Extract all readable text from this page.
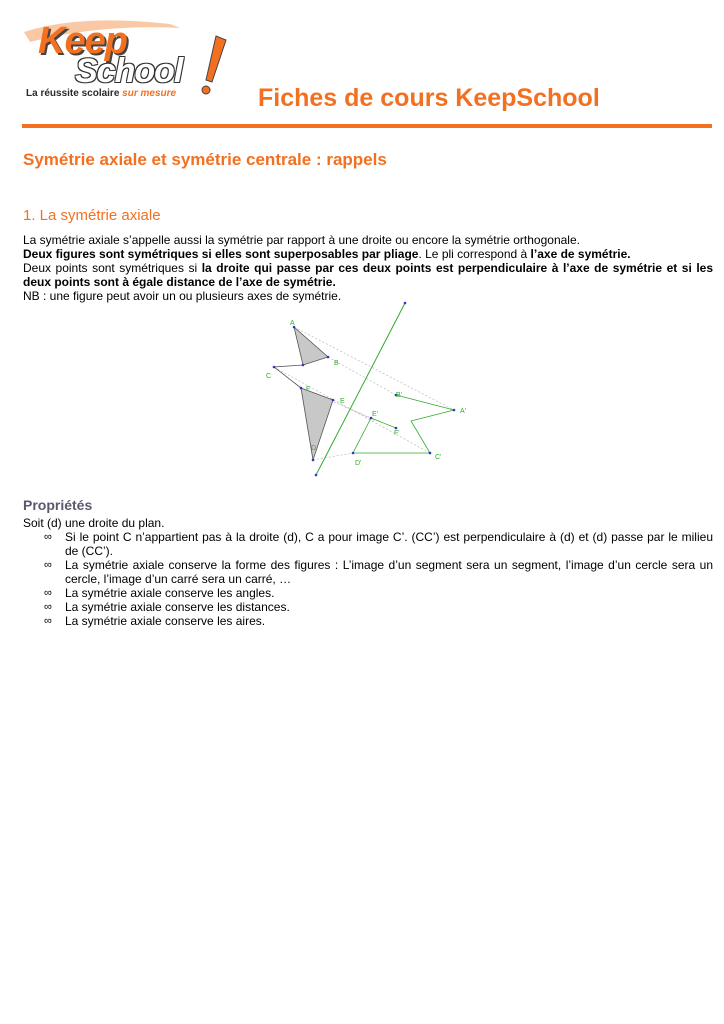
Keep
School
La réussite scolaire sur mesure	Fiches de cours KeepSchool
Symétrie axiale et symétrie centrale : rappels
1. La symétrie axiale

La symétrie axiale s’appelle aussi la symétrie par rapport à une droite ou encore la symétrie orthogonale.

Deux figures sont symétriques si elles sont superposables par pliage. Le pli correspond à l’axe de symétrie.

Deux points sont symétriques si la droite qui passe par ces deux points est perpendiculaire à l’axe de symétrie et si les deux points sont à égale distance de l’axe de symétrie.

NB : une figure peut avoir un ou plusieurs axes de symétrie.

A
B
C
F
E
D
A'
B'
C'
D'
E'
F'
Propriétés

Soit (d) une droite du plan.

∞ Si le point C n’appartient pas à la droite (d), C a pour image C’. (CC’) est perpendiculaire à (d) et (d) passe par le milieu de (CC’).
∞ La symétrie axiale conserve la forme des figures : L’image d’un segment sera un segment, l’image d’un cercle sera un cercle, l’image d’un carré sera un carré, …
∞ La symétrie axiale conserve les angles.
∞ La symétrie axiale conserve les distances.
∞ La symétrie axiale conserve les aires.
